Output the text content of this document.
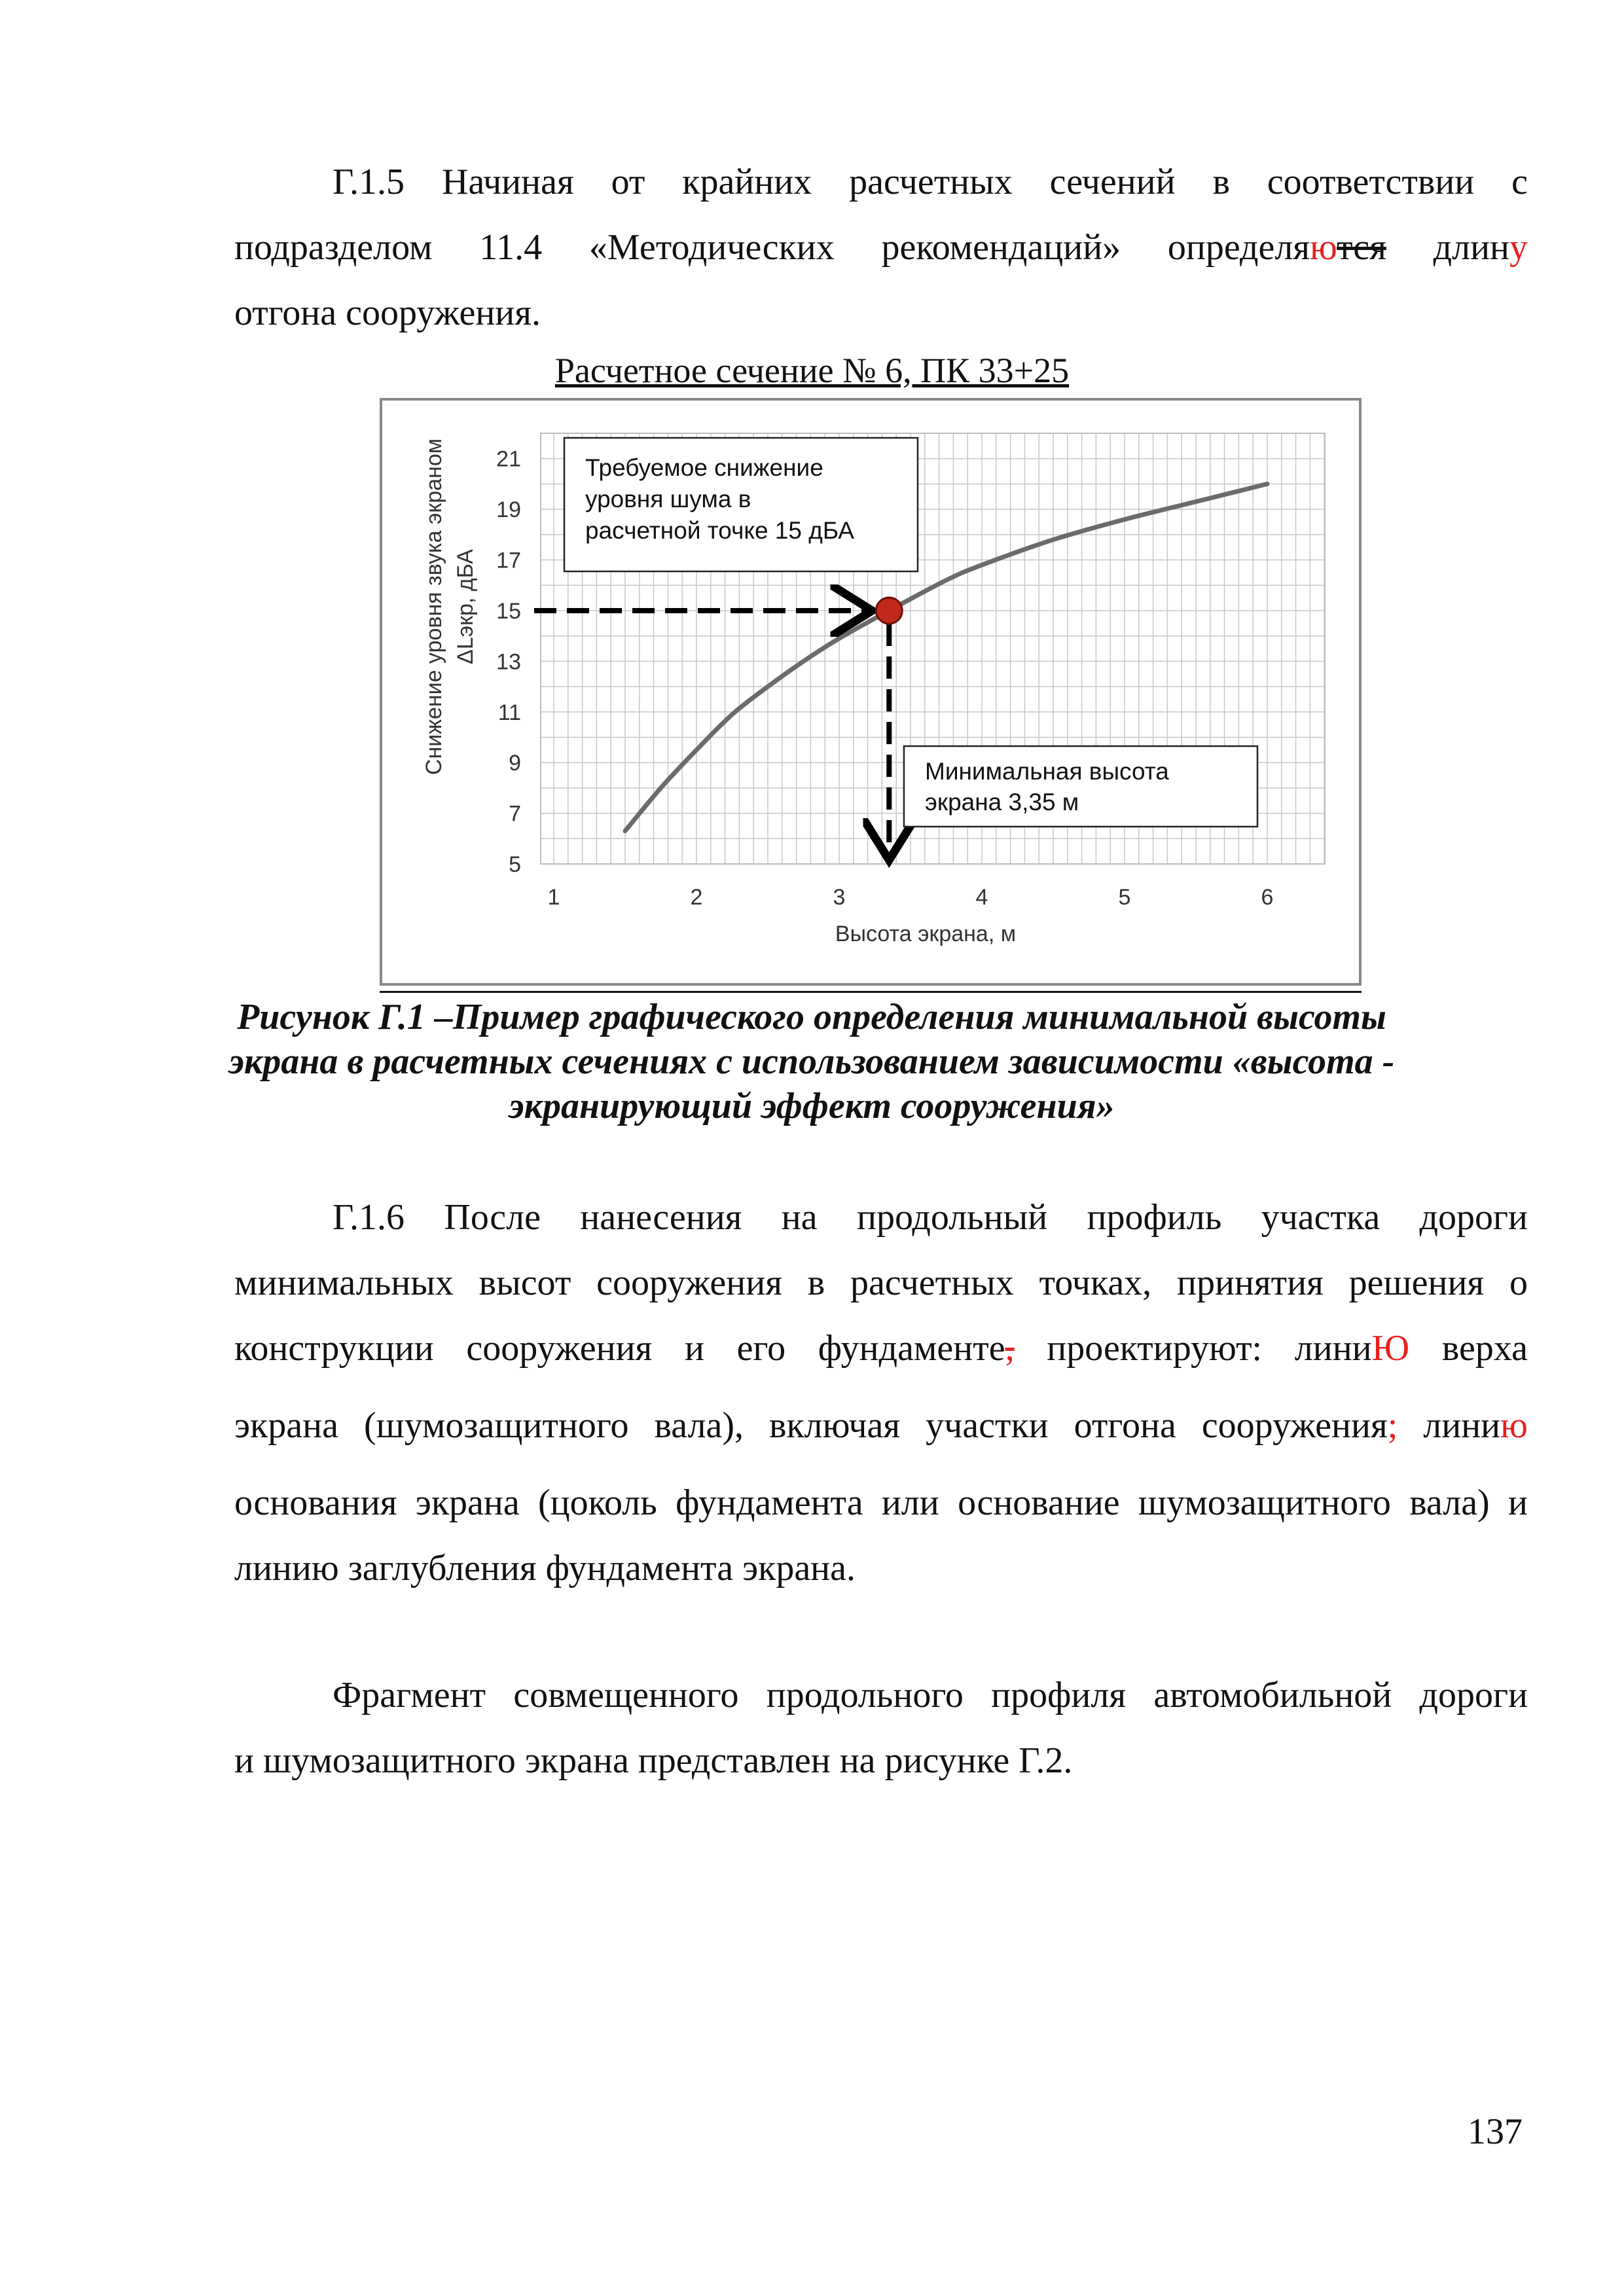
Г.1.5 Начиная от крайних расчетных сечений в соответствии с
подразделом 11.4 «Методических рекомендаций» определяются длину
отгона сооружения.
Расчетное сечение № 6, ПК 33+25
5
7
9
11
13
15
17
19
21
1	2	3	4	5	6
Требуемое снижение
уровня шума в
расчетной точке 15 дБА
Минимальная высота
экрана 3,35 м
Высота экрана, м
Снижение уровня звука экраном ΔLэкр, дБА
Рисунок Г.1 –Пример графического определения минимальной высоты
экрана в расчетных сечениях с использованием зависимости «высота -
экранирующий эффект сооружения»
Г.1.6 После нанесения на продольный профиль участка дороги
минимальных высот сооружения в расчетных точках, принятия решения о
конструкции сооружения и его фундаменте, проектируют: линиЮ верха
экрана (шумозащитного вала), включая участки отгона сооружения; линию
основания экрана (цоколь фундамента или основание шумозащитного вала) и
линию заглубления фундамента экрана.
Фрагмент совмещенного продольного профиля автомобильной дороги
и шумозащитного экрана представлен на рисунке Г.2.
137
